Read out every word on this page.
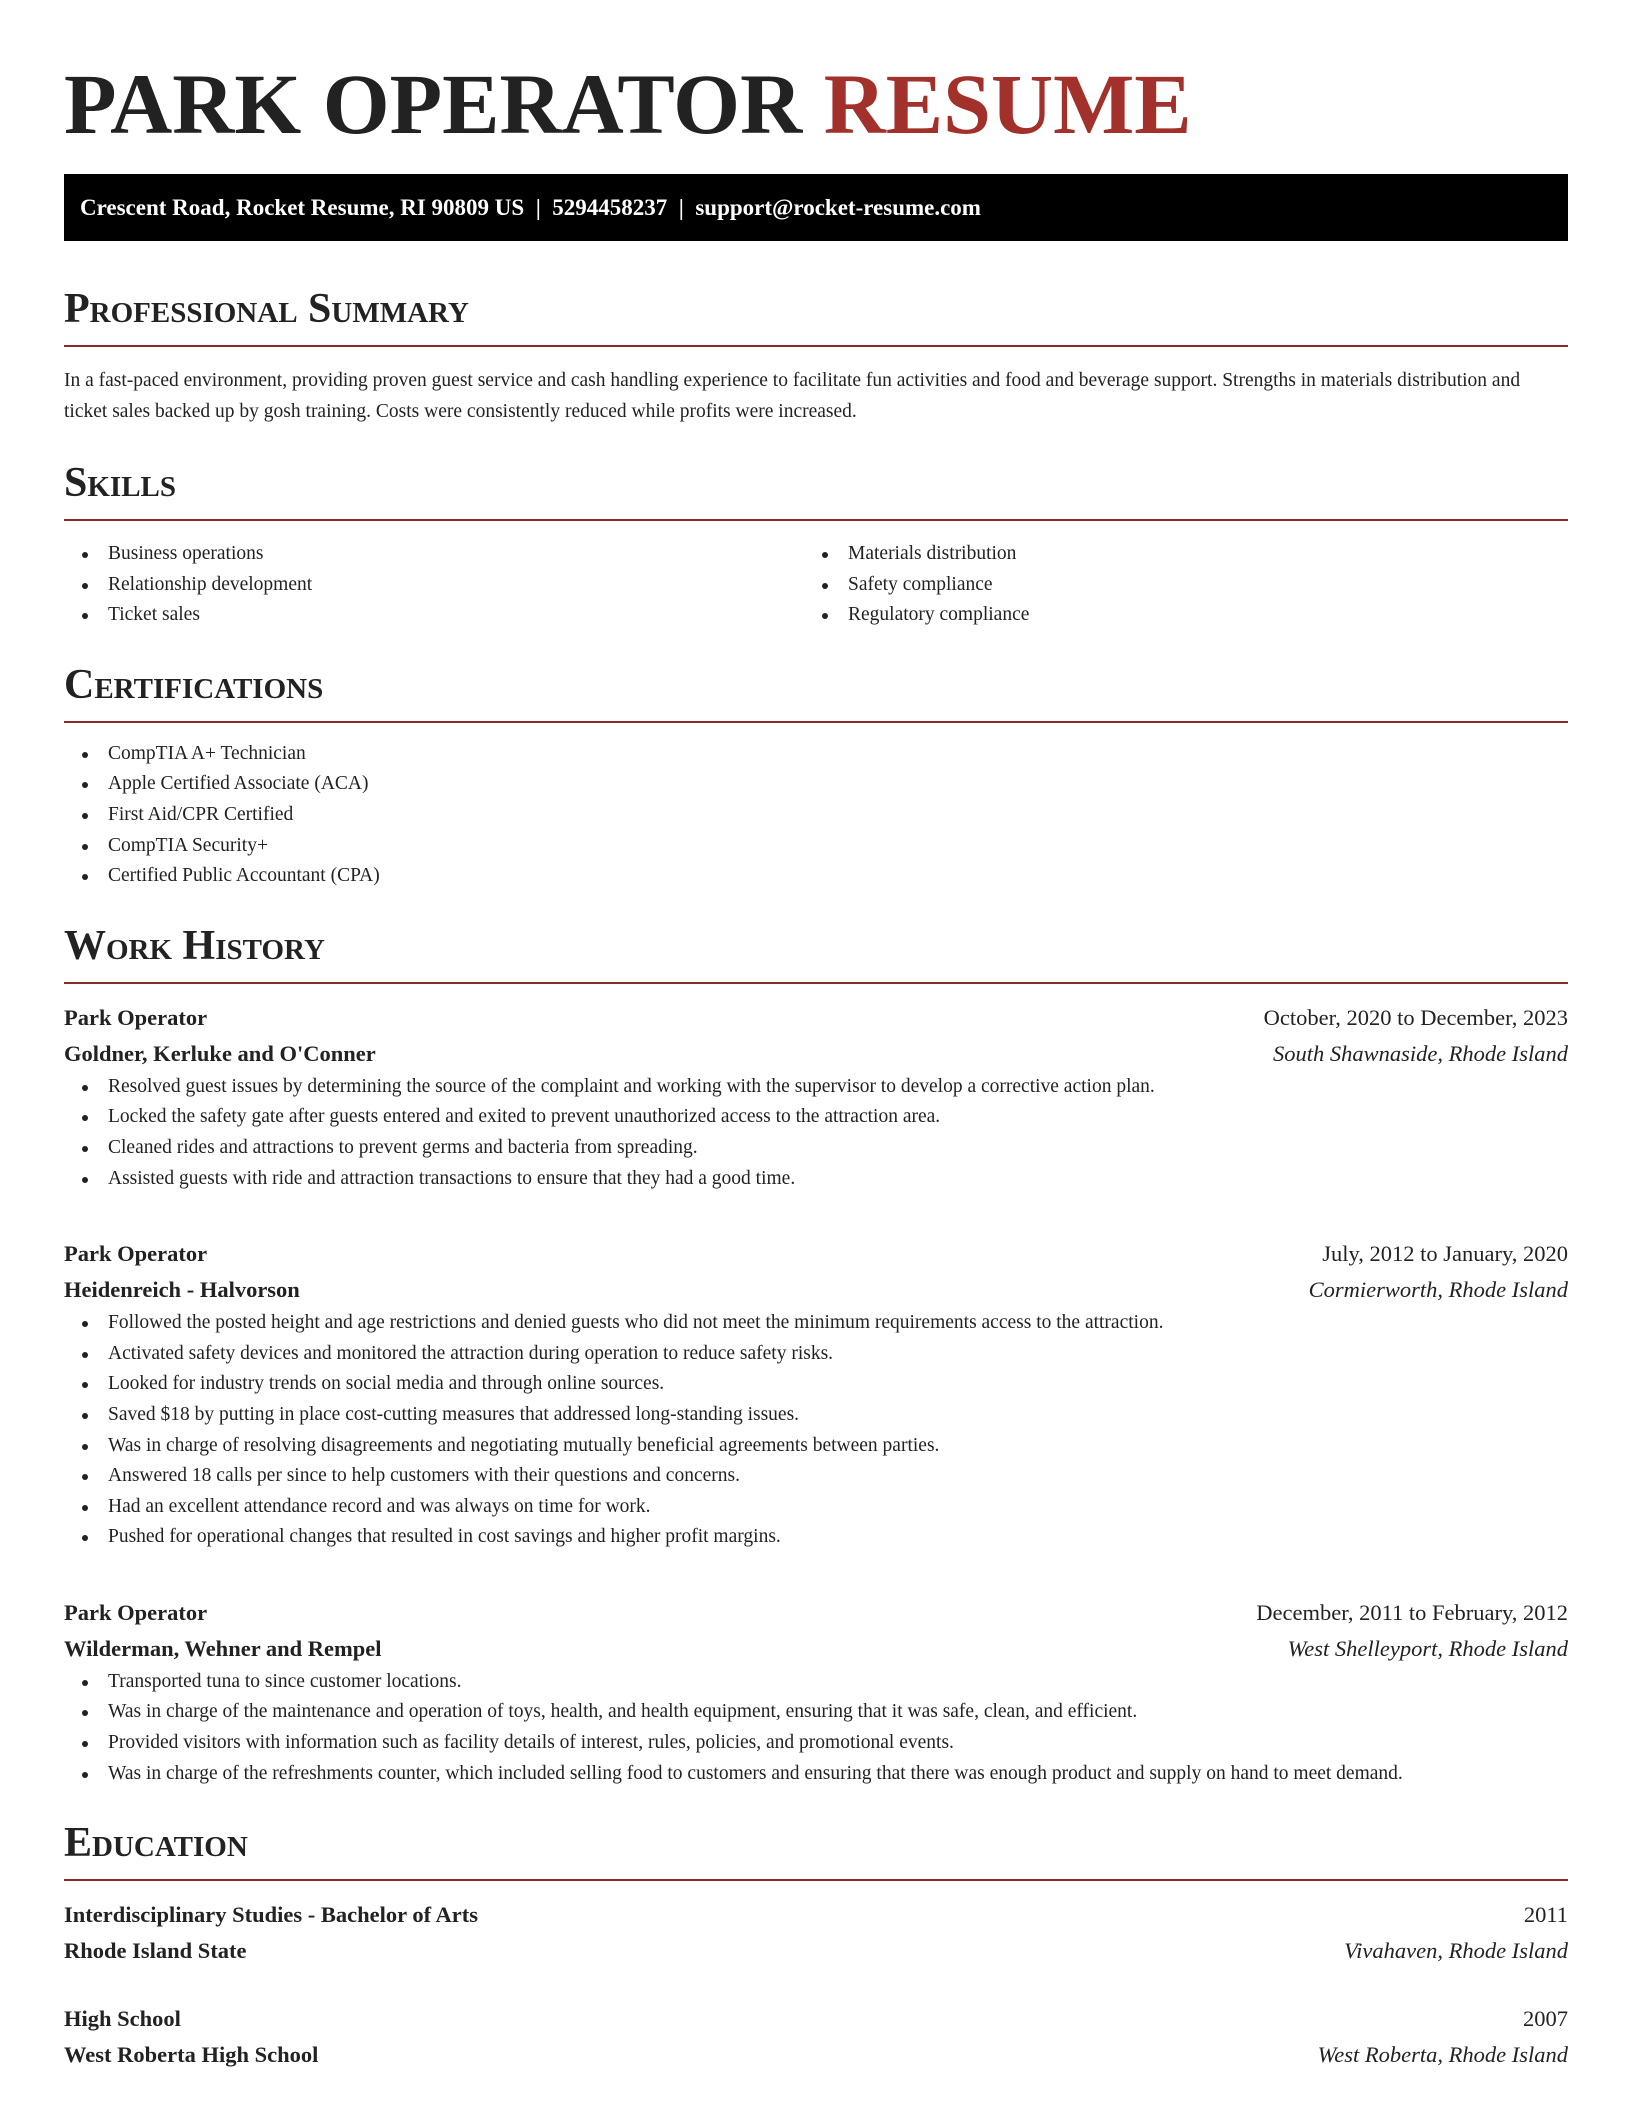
PARK OPERATOR RESUME
Crescent Road, Rocket Resume, RI 90809 US  |  5294458237  |  support@rocket-resume.com
Professional Summary
In a fast-paced environment, providing proven guest service and cash handling experience to facilitate fun activities and food and beverage support. Strengths in materials distribution and ticket sales backed up by gosh training. Costs were consistently reduced while profits were increased.
Skills
Business operations
Relationship development
Ticket sales
Materials distribution
Safety compliance
Regulatory compliance
Certifications
CompTIA A+ Technician
Apple Certified Associate (ACA)
First Aid/CPR Certified
CompTIA Security+
Certified Public Accountant (CPA)
Work History
Park Operator	October, 2020 to December, 2023
Goldner, Kerluke and O'Conner	South Shawnaside, Rhode Island
Resolved guest issues by determining the source of the complaint and working with the supervisor to develop a corrective action plan.
Locked the safety gate after guests entered and exited to prevent unauthorized access to the attraction area.
Cleaned rides and attractions to prevent germs and bacteria from spreading.
Assisted guests with ride and attraction transactions to ensure that they had a good time.
Park Operator	July, 2012 to January, 2020
Heidenreich - Halvorson	Cormierworth, Rhode Island
Followed the posted height and age restrictions and denied guests who did not meet the minimum requirements access to the attraction.
Activated safety devices and monitored the attraction during operation to reduce safety risks.
Looked for industry trends on social media and through online sources.
Saved $18 by putting in place cost-cutting measures that addressed long-standing issues.
Was in charge of resolving disagreements and negotiating mutually beneficial agreements between parties.
Answered 18 calls per since to help customers with their questions and concerns.
Had an excellent attendance record and was always on time for work.
Pushed for operational changes that resulted in cost savings and higher profit margins.
Park Operator	December, 2011 to February, 2012
Wilderman, Wehner and Rempel	West Shelleyport, Rhode Island
Transported tuna to since customer locations.
Was in charge of the maintenance and operation of toys, health, and health equipment, ensuring that it was safe, clean, and efficient.
Provided visitors with information such as facility details of interest, rules, policies, and promotional events.
Was in charge of the refreshments counter, which included selling food to customers and ensuring that there was enough product and supply on hand to meet demand.
Education
Interdisciplinary Studies - Bachelor of Arts	2011
Rhode Island State	Vivahaven, Rhode Island
High School	2007
West Roberta High School	West Roberta, Rhode Island
